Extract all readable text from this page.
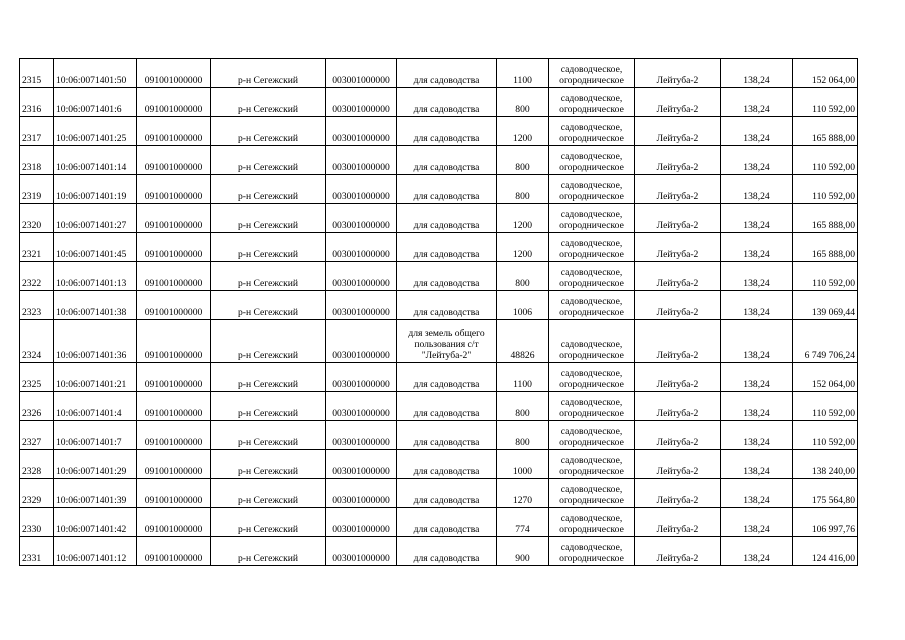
2315	10:06:0071401:50	091001000000	р-н Сегежский	003001000000	для садоводства	1100	садоводческое, огородническое	Лейтуба-2	138,24	152 064,00
2316	10:06:0071401:6	091001000000	р-н Сегежский	003001000000	для садоводства	800	садоводческое, огородническое	Лейтуба-2	138,24	110 592,00
2317	10:06:0071401:25	091001000000	р-н Сегежский	003001000000	для садоводства	1200	садоводческое, огородническое	Лейтуба-2	138,24	165 888,00
2318	10:06:0071401:14	091001000000	р-н Сегежский	003001000000	для садоводства	800	садоводческое, огородническое	Лейтуба-2	138,24	110 592,00
2319	10:06:0071401:19	091001000000	р-н Сегежский	003001000000	для садоводства	800	садоводческое, огородническое	Лейтуба-2	138,24	110 592,00
2320	10:06:0071401:27	091001000000	р-н Сегежский	003001000000	для садоводства	1200	садоводческое, огородническое	Лейтуба-2	138,24	165 888,00
2321	10:06:0071401:45	091001000000	р-н Сегежский	003001000000	для садоводства	1200	садоводческое, огородническое	Лейтуба-2	138,24	165 888,00
2322	10:06:0071401:13	091001000000	р-н Сегежский	003001000000	для садоводства	800	садоводческое, огородническое	Лейтуба-2	138,24	110 592,00
2323	10:06:0071401:38	091001000000	р-н Сегежский	003001000000	для садоводства	1006	садоводческое, огородническое	Лейтуба-2	138,24	139 069,44
2324	10:06:0071401:36	091001000000	р-н Сегежский	003001000000	для земель общего пользования с/т "Лейтуба-2"	48826	садоводческое, огородническое	Лейтуба-2	138,24	6 749 706,24
2325	10:06:0071401:21	091001000000	р-н Сегежский	003001000000	для садоводства	1100	садоводческое, огородническое	Лейтуба-2	138,24	152 064,00
2326	10:06:0071401:4	091001000000	р-н Сегежский	003001000000	для садоводства	800	садоводческое, огородническое	Лейтуба-2	138,24	110 592,00
2327	10:06:0071401:7	091001000000	р-н Сегежский	003001000000	для садоводства	800	садоводческое, огородническое	Лейтуба-2	138,24	110 592,00
2328	10:06:0071401:29	091001000000	р-н Сегежский	003001000000	для садоводства	1000	садоводческое, огородническое	Лейтуба-2	138,24	138 240,00
2329	10:06:0071401:39	091001000000	р-н Сегежский	003001000000	для садоводства	1270	садоводческое, огородническое	Лейтуба-2	138,24	175 564,80
2330	10:06:0071401:42	091001000000	р-н Сегежский	003001000000	для садоводства	774	садоводческое, огородническое	Лейтуба-2	138,24	106 997,76
2331	10:06:0071401:12	091001000000	р-н Сегежский	003001000000	для садоводства	900	садоводческое, огородническое	Лейтуба-2	138,24	124 416,00
